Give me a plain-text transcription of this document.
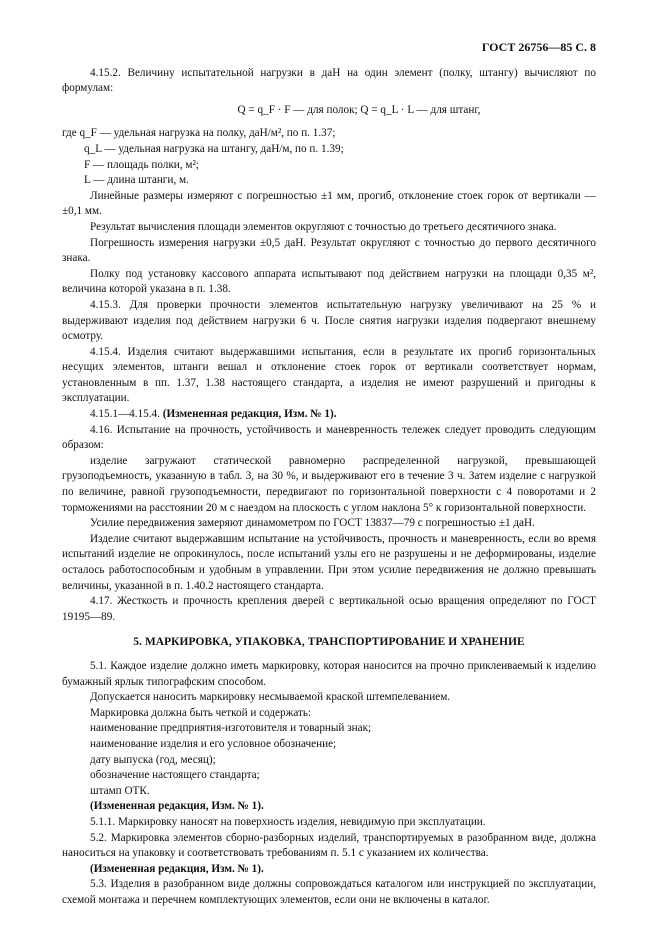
ГОСТ 26756—85 С. 8

4.15.2. Величину испытательной нагрузки в даН на один элемент (полку, штангу) вычисляют по формулам:

Q = q_F · F — для полок; Q = q_L · L — для штанг,

где q_F — удельная нагрузка на полку, даН/м², по п. 1.37;

q_L — удельная нагрузка на штангу, даН/м, по п. 1.39;

F — площадь полки, м²;

L — длина штанги, м.

Линейные размеры измеряют с погрешностью ±1 мм, прогиб, отклонение стоек горок от вертикали — ±0,1 мм.

Результат вычисления площади элементов округляют с точностью до третьего десятичного знака.

Погрешность измерения нагрузки ±0,5 даН. Результат округляют с точностью до первого десятичного знака.

Полку под установку кассового аппарата испытывают под действием нагрузки на площади 0,35 м², величина которой указана в п. 1.38.

4.15.3. Для проверки прочности элементов испытательную нагрузку увеличивают на 25 % и выдерживают изделия под действием нагрузки 6 ч. После снятия нагрузки изделия подвергают внешнему осмотру.

4.15.4. Изделия считают выдержавшими испытания, если в результате их прогиб горизонтальных несущих элементов, штанги вешал и отклонение стоек горок от вертикали соответствует нормам, установленным в пп. 1.37, 1.38 настоящего стандарта, а изделия не имеют разрушений и пригодны к эксплуатации.

4.15.1—4.15.4. (Измененная редакция, Изм. № 1).

4.16. Испытание на прочность, устойчивость и маневренность тележек следует проводить следующим образом:

изделие загружают статической равномерно распределенной нагрузкой, превышающей грузоподъемность, указанную в табл. 3, на 30 %, и выдерживают его в течение 3 ч. Затем изделие с нагрузкой по величине, равной грузоподъемности, передвигают по горизонтальной поверхности с 4 поворотами и 2 торможениями на расстоянии 20 м с наездом на плоскость с углом наклона 5° к горизонтальной поверхности.

Усилие передвижения замеряют динамометром по ГОСТ 13837—79 с погрешностью ±1 даН.

Изделие считают выдержавшим испытание на устойчивость, прочность и маневренность, если во время испытаний изделие не опрокинулось, после испытаний узлы его не разрушены и не деформированы, изделие осталось работоспособным и удобным в управлении. При этом усилие передвижения не должно превышать величины, указанной в п. 1.40.2 настоящего стандарта.

4.17. Жесткость и прочность крепления дверей с вертикальной осью вращения определяют по ГОСТ 19195—89.

5. МАРКИРОВКА, УПАКОВКА, ТРАНСПОРТИРОВАНИЕ И ХРАНЕНИЕ

5.1. Каждое изделие должно иметь маркировку, которая наносится на прочно приклеиваемый к изделию бумажный ярлык типографским способом.

Допускается наносить маркировку несмываемой краской штемпелеванием.

Маркировка должна быть четкой и содержать:

наименование предприятия-изготовителя и товарный знак;

наименование изделия и его условное обозначение;

дату выпуска (год, месяц);

обозначение настоящего стандарта;

штамп ОТК.

(Измененная редакция, Изм. № 1).

5.1.1. Маркировку наносят на поверхность изделия, невидимую при эксплуатации.

5.2. Маркировка элементов сборно-разборных изделий, транспортируемых в разобранном виде, должна наноситься на упаковку и соответствовать требованиям п. 5.1 с указанием их количества.

(Измененная редакция, Изм. № 1).

5.3. Изделия в разобранном виде должны сопровождаться каталогом или инструкцией по эксплуатации, схемой монтажа и перечнем комплектующих элементов, если они не включены в каталог.
